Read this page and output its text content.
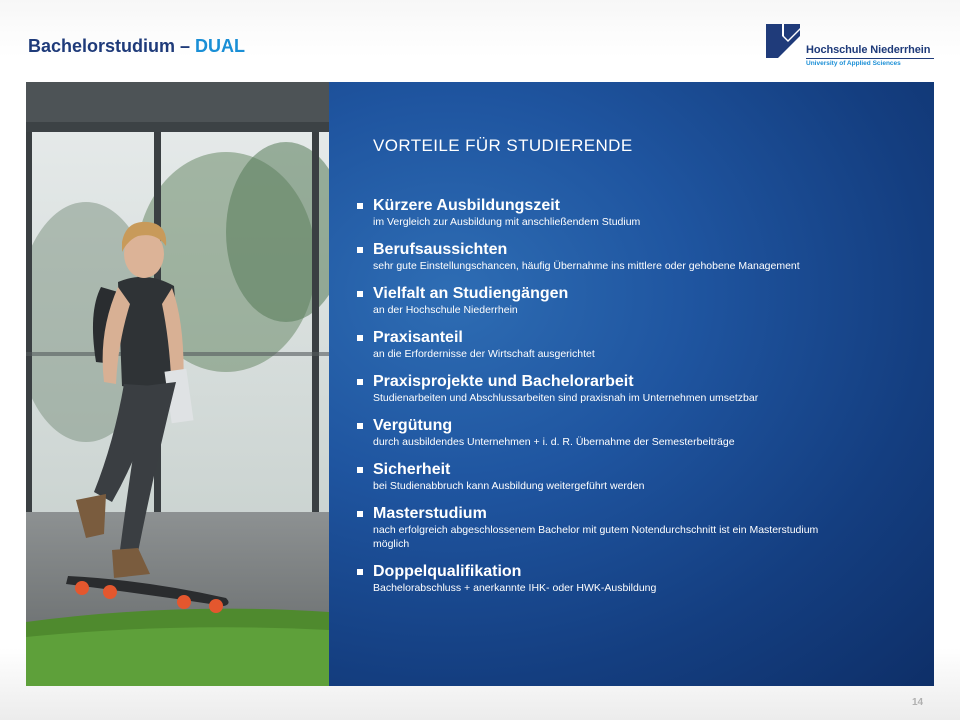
Bachelorstudium – DUAL	Hochschule Niederrhein
University of Applied Sciences
VORTEILE FÜR STUDIERENDE
Kürzere Ausbildungszeit
im Vergleich zur Ausbildung mit anschließendem Studium
Berufsaussichten
sehr gute Einstellungschancen, häufig Übernahme ins mittlere oder gehobene Management
Vielfalt an Studiengängen
an der Hochschule Niederrhein
Praxisanteil
an die Erfordernisse der Wirtschaft ausgerichtet
Praxisprojekte und Bachelorarbeit
Studienarbeiten und Abschlussarbeiten sind praxisnah im Unternehmen umsetzbar
Vergütung
durch ausbildendes Unternehmen + i. d. R. Übernahme der Semesterbeiträge
Sicherheit
bei Studienabbruch kann Ausbildung weitergeführt werden
Masterstudium
nach erfolgreich abgeschlossenem Bachelor mit gutem Notendurchschnitt ist ein Masterstudium möglich
Doppelqualifikation
Bachelorabschluss + anerkannte IHK- oder HWK-Ausbildung
14
